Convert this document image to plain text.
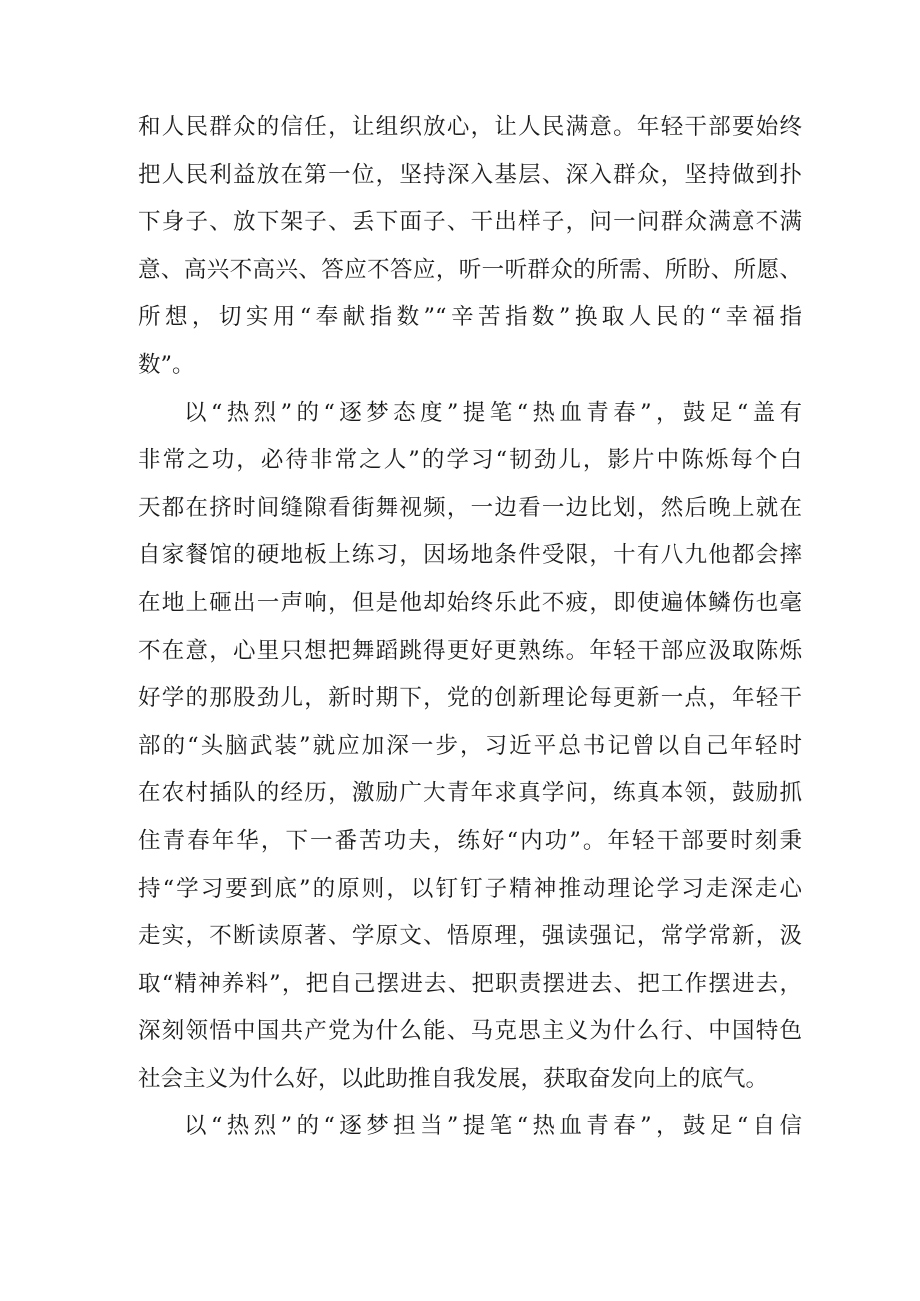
和人民群众的信任，让组织放心，让人民满意。年轻干部要始终
把人民利益放在第一位，坚持深入基层、深入群众，坚持做到扑
下身子、放下架子、丢下面子、干出样子，问一问群众满意不满
意、高兴不高兴、答应不答应，听一听群众的所需、所盼、所愿、
所想，切实用“奉献指数”“辛苦指数”换取人民的“幸福指
数”。
以“热烈”的“逐梦态度”提笔“热血青春”，鼓足“盖有
非常之功，必待非常之人”的学习“韧劲儿，影片中陈烁每个白
天都在挤时间缝隙看街舞视频，一边看一边比划，然后晚上就在
自家餐馆的硬地板上练习，因场地条件受限，十有八九他都会摔
在地上砸出一声响，但是他却始终乐此不疲，即使遍体鳞伤也毫
不在意，心里只想把舞蹈跳得更好更熟练。年轻干部应汲取陈烁
好学的那股劲儿，新时期下，党的创新理论每更新一点，年轻干
部的“头脑武装”就应加深一步，习近平总书记曾以自己年轻时
在农村插队的经历，激励广大青年求真学问，练真本领，鼓励抓
住青春年华，下一番苦功夫，练好“内功”。年轻干部要时刻秉
持“学习要到底”的原则，以钉钉子精神推动理论学习走深走心
走实，不断读原著、学原文、悟原理，强读强记，常学常新，汲
取“精神养料”，把自己摆进去、把职责摆进去、把工作摆进去，
深刻领悟中国共产党为什么能、马克思主义为什么行、中国特色
社会主义为什么好，以此助推自我发展，获取奋发向上的底气。
以“热烈”的“逐梦担当”提笔“热血青春”，鼓足“自信
